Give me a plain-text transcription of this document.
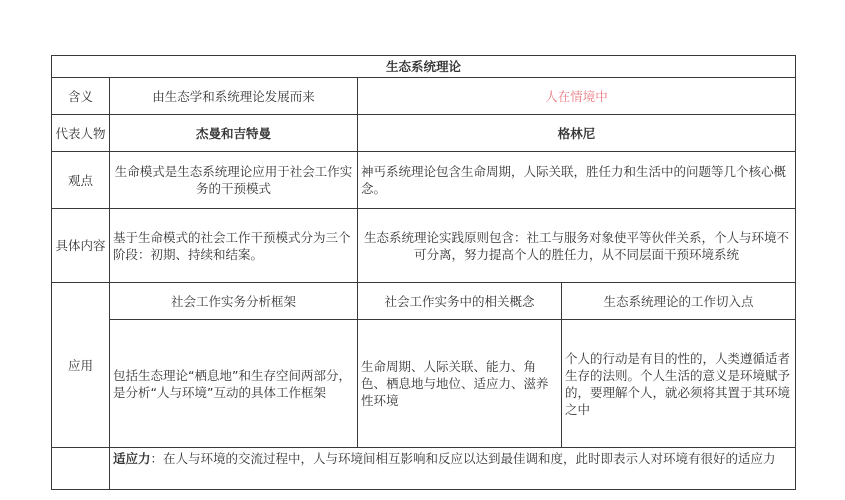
生态系统理论			
含义	由生态学和系统理论发展而来	人在情境中	
代表人物	杰曼和吉特曼	格林尼	
观点	生命模式是生态系统理论应用于社会工作实务的干预模式	神丐系统理论包含生命周期，人际关联，胜任力和生活中的问题等几个核心概念。	
具体内容	基于生命模式的社会工作干预模式分为三个阶段：初期、持续和结案。	生态系统理论实践原则包含：社工与服务对象使平等伙伴关系，个人与环境不可分离，努力提高个人的胜任力，从不同层面干预环境系统	
应用	社会工作实务分析框架	社会工作实务中的相关概念	生态系统理论的工作切入点
	包括生态理论“栖息地”和生存空间两部分，是分析“人与环境”互动的具体工作框架	生命周期、人际关联、能力、角色、栖息地与地位、适应力、滋养性环境	个人的行动是有目的性的，人类遵循适者生存的法则。个人生活的意义是环境赋予的，要理解个人，就必须将其置于其环境之中
	适应力：在人与环境的交流过程中，人与环境间相互影响和反应以达到最佳调和度，此时即表示人对环境有很好的适应力		
